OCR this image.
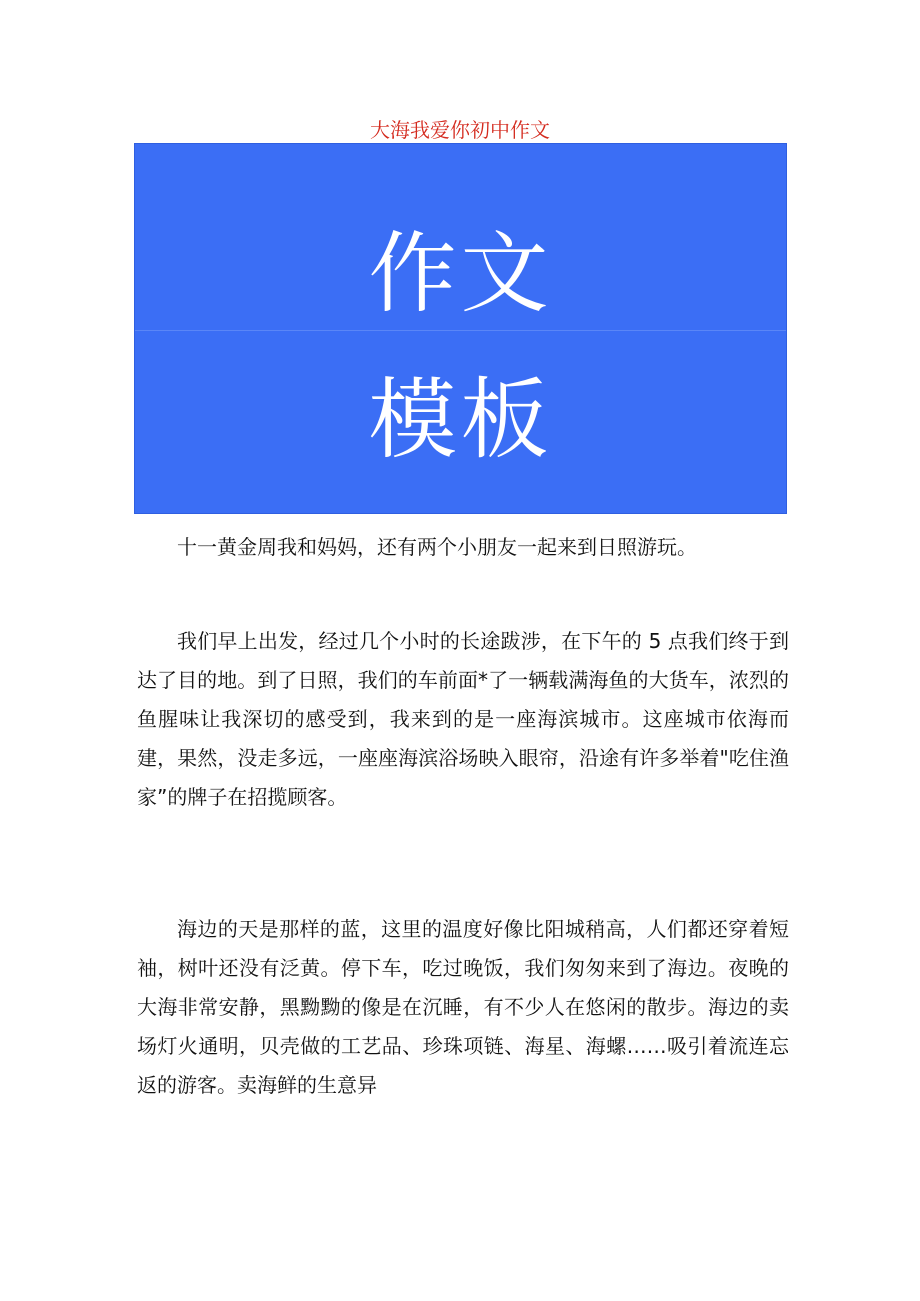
大海我爱你初中作文
作文
模板

十一黄金周我和妈妈，还有两个小朋友一起来到日照游玩。

我们早上出发，经过几个小时的长途跋涉，在下午的 5 点我们终于到达了目的地。到了日照，我们的车前面*了一辆载满海鱼的大货车，浓烈的鱼腥味让我深切的感受到，我来到的是一座海滨城市。这座城市依海而建，果然，没走多远，一座座海滨浴场映入眼帘，沿途有许多举着"吃住渔家”的牌子在招揽顾客。

海边的天是那样的蓝，这里的温度好像比阳城稍高，人们都还穿着短袖，树叶还没有泛黄。停下车，吃过晚饭，我们匆匆来到了海边。夜晚的大海非常安静，黑黝黝的像是在沉睡，有不少人在悠闲的散步。海边的卖场灯火通明，贝壳做的工艺品、珍珠项链、海星、海螺……吸引着流连忘返的游客。卖海鲜的生意异
